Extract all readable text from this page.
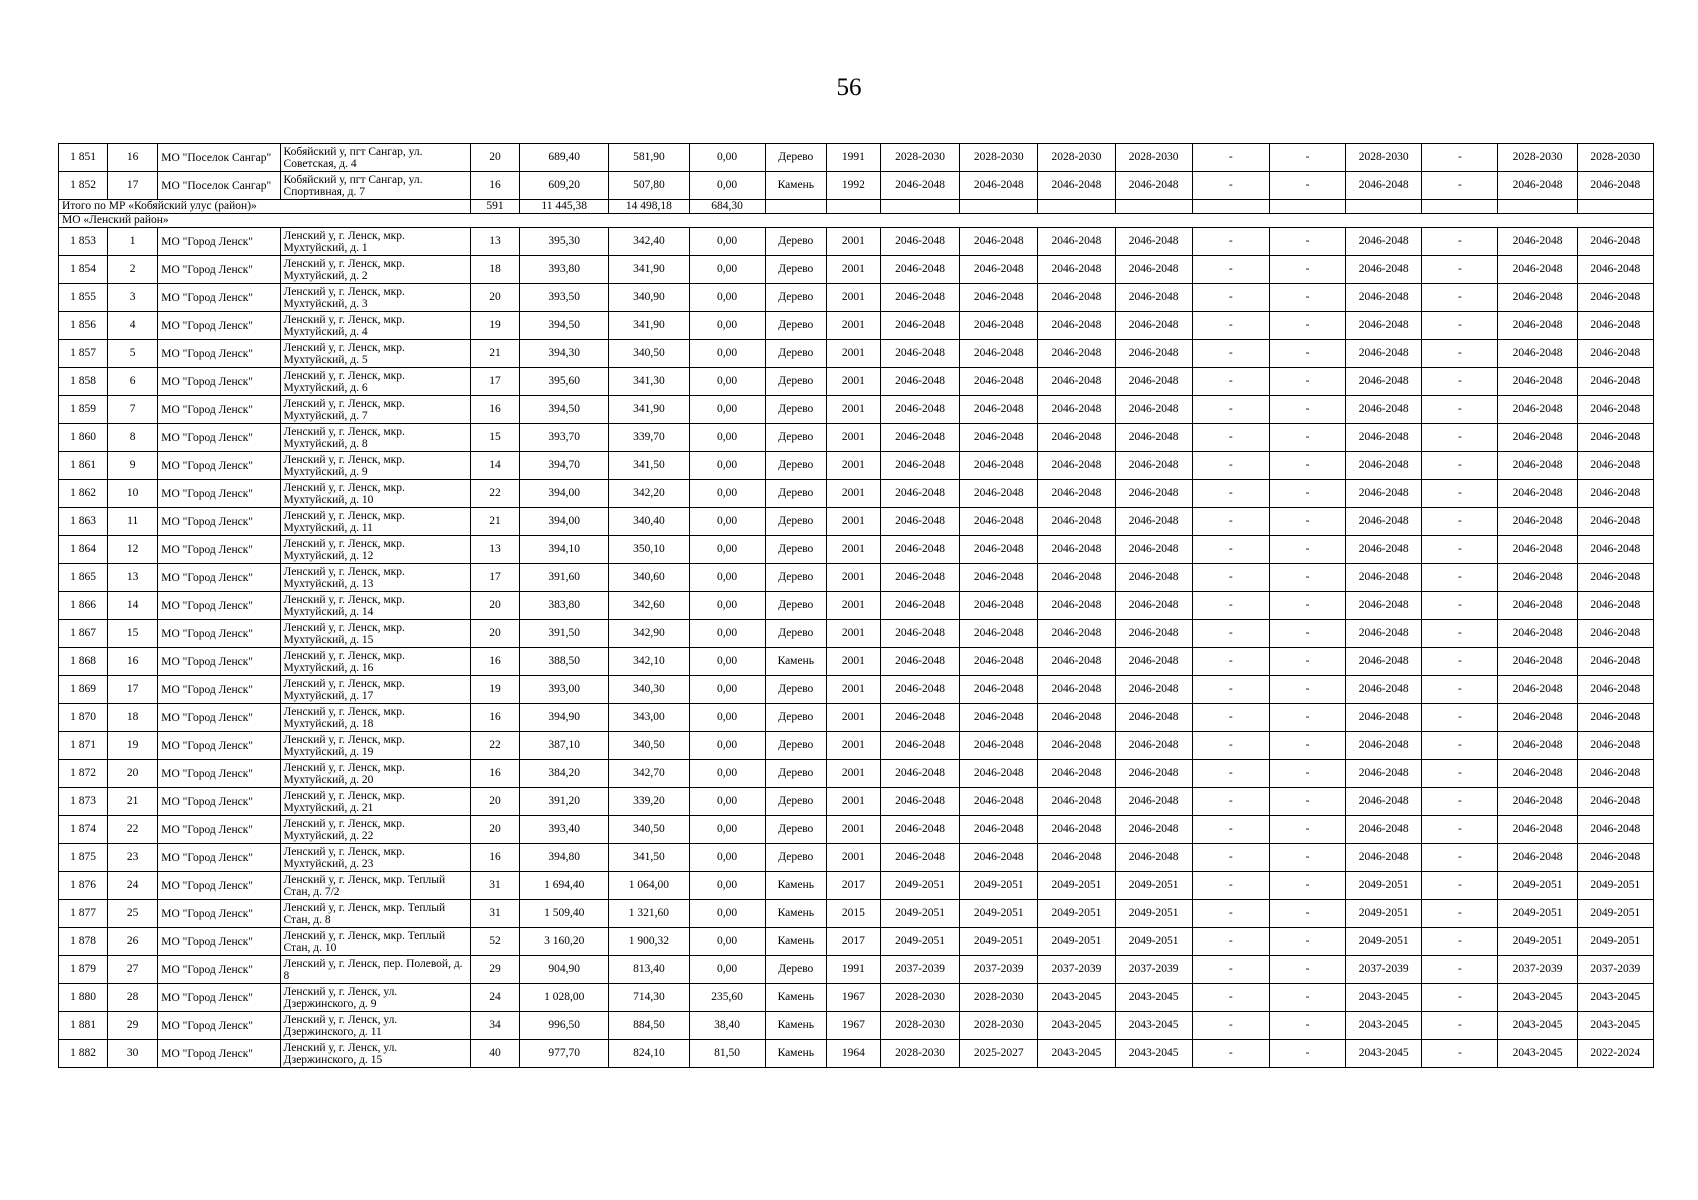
56
1 851	16	МО "Поселок Сангар"	Кобяйский у, пгт Сангар, ул. Советская, д. 4	20	689,40	581,90	0,00	Дерево	1991	2028-2030	2028-2030	2028-2030	2028-2030	-	-	2028-2030	-	2028-2030	2028-2030
1 852	17	МО "Поселок Сангар"	Кобяйский у, пгт Сангар, ул. Спортивная, д. 7	16	609,20	507,80	0,00	Камень	1992	2046-2048	2046-2048	2046-2048	2046-2048	-	-	2046-2048	-	2046-2048	2046-2048
Итого по МР «Кобяйский улус (район)»				591	11 445,38	14 498,18	684,30												
МО «Ленский район»																			
1 853	1	МО "Город Ленск"	Ленский у, г. Ленск, мкр. Мухтуйский, д. 1	13	395,30	342,40	0,00	Дерево	2001	2046-2048	2046-2048	2046-2048	2046-2048	-	-	2046-2048	-	2046-2048	2046-2048
1 854	2	МО "Город Ленск"	Ленский у, г. Ленск, мкр. Мухтуйский, д. 2	18	393,80	341,90	0,00	Дерево	2001	2046-2048	2046-2048	2046-2048	2046-2048	-	-	2046-2048	-	2046-2048	2046-2048
1 855	3	МО "Город Ленск"	Ленский у, г. Ленск, мкр. Мухтуйский, д. 3	20	393,50	340,90	0,00	Дерево	2001	2046-2048	2046-2048	2046-2048	2046-2048	-	-	2046-2048	-	2046-2048	2046-2048
1 856	4	МО "Город Ленск"	Ленский у, г. Ленск, мкр. Мухтуйский, д. 4	19	394,50	341,90	0,00	Дерево	2001	2046-2048	2046-2048	2046-2048	2046-2048	-	-	2046-2048	-	2046-2048	2046-2048
1 857	5	МО "Город Ленск"	Ленский у, г. Ленск, мкр. Мухтуйский, д. 5	21	394,30	340,50	0,00	Дерево	2001	2046-2048	2046-2048	2046-2048	2046-2048	-	-	2046-2048	-	2046-2048	2046-2048
1 858	6	МО "Город Ленск"	Ленский у, г. Ленск, мкр. Мухтуйский, д. 6	17	395,60	341,30	0,00	Дерево	2001	2046-2048	2046-2048	2046-2048	2046-2048	-	-	2046-2048	-	2046-2048	2046-2048
1 859	7	МО "Город Ленск"	Ленский у, г. Ленск, мкр. Мухтуйский, д. 7	16	394,50	341,90	0,00	Дерево	2001	2046-2048	2046-2048	2046-2048	2046-2048	-	-	2046-2048	-	2046-2048	2046-2048
1 860	8	МО "Город Ленск"	Ленский у, г. Ленск, мкр. Мухтуйский, д. 8	15	393,70	339,70	0,00	Дерево	2001	2046-2048	2046-2048	2046-2048	2046-2048	-	-	2046-2048	-	2046-2048	2046-2048
1 861	9	МО "Город Ленск"	Ленский у, г. Ленск, мкр. Мухтуйский, д. 9	14	394,70	341,50	0,00	Дерево	2001	2046-2048	2046-2048	2046-2048	2046-2048	-	-	2046-2048	-	2046-2048	2046-2048
1 862	10	МО "Город Ленск"	Ленский у, г. Ленск, мкр. Мухтуйский, д. 10	22	394,00	342,20	0,00	Дерево	2001	2046-2048	2046-2048	2046-2048	2046-2048	-	-	2046-2048	-	2046-2048	2046-2048
1 863	11	МО "Город Ленск"	Ленский у, г. Ленск, мкр. Мухтуйский, д. 11	21	394,00	340,40	0,00	Дерево	2001	2046-2048	2046-2048	2046-2048	2046-2048	-	-	2046-2048	-	2046-2048	2046-2048
1 864	12	МО "Город Ленск"	Ленский у, г. Ленск, мкр. Мухтуйский, д. 12	13	394,10	350,10	0,00	Дерево	2001	2046-2048	2046-2048	2046-2048	2046-2048	-	-	2046-2048	-	2046-2048	2046-2048
1 865	13	МО "Город Ленск"	Ленский у, г. Ленск, мкр. Мухтуйский, д. 13	17	391,60	340,60	0,00	Дерево	2001	2046-2048	2046-2048	2046-2048	2046-2048	-	-	2046-2048	-	2046-2048	2046-2048
1 866	14	МО "Город Ленск"	Ленский у, г. Ленск, мкр. Мухтуйский, д. 14	20	383,80	342,60	0,00	Дерево	2001	2046-2048	2046-2048	2046-2048	2046-2048	-	-	2046-2048	-	2046-2048	2046-2048
1 867	15	МО "Город Ленск"	Ленский у, г. Ленск, мкр. Мухтуйский, д. 15	20	391,50	342,90	0,00	Дерево	2001	2046-2048	2046-2048	2046-2048	2046-2048	-	-	2046-2048	-	2046-2048	2046-2048
1 868	16	МО "Город Ленск"	Ленский у, г. Ленск, мкр. Мухтуйский, д. 16	16	388,50	342,10	0,00	Камень	2001	2046-2048	2046-2048	2046-2048	2046-2048	-	-	2046-2048	-	2046-2048	2046-2048
1 869	17	МО "Город Ленск"	Ленский у, г. Ленск, мкр. Мухтуйский, д. 17	19	393,00	340,30	0,00	Дерево	2001	2046-2048	2046-2048	2046-2048	2046-2048	-	-	2046-2048	-	2046-2048	2046-2048
1 870	18	МО "Город Ленск"	Ленский у, г. Ленск, мкр. Мухтуйский, д. 18	16	394,90	343,00	0,00	Дерево	2001	2046-2048	2046-2048	2046-2048	2046-2048	-	-	2046-2048	-	2046-2048	2046-2048
1 871	19	МО "Город Ленск"	Ленский у, г. Ленск, мкр. Мухтуйский, д. 19	22	387,10	340,50	0,00	Дерево	2001	2046-2048	2046-2048	2046-2048	2046-2048	-	-	2046-2048	-	2046-2048	2046-2048
1 872	20	МО "Город Ленск"	Ленский у, г. Ленск, мкр. Мухтуйский, д. 20	16	384,20	342,70	0,00	Дерево	2001	2046-2048	2046-2048	2046-2048	2046-2048	-	-	2046-2048	-	2046-2048	2046-2048
1 873	21	МО "Город Ленск"	Ленский у, г. Ленск, мкр. Мухтуйский, д. 21	20	391,20	339,20	0,00	Дерево	2001	2046-2048	2046-2048	2046-2048	2046-2048	-	-	2046-2048	-	2046-2048	2046-2048
1 874	22	МО "Город Ленск"	Ленский у, г. Ленск, мкр. Мухтуйский, д. 22	20	393,40	340,50	0,00	Дерево	2001	2046-2048	2046-2048	2046-2048	2046-2048	-	-	2046-2048	-	2046-2048	2046-2048
1 875	23	МО "Город Ленск"	Ленский у, г. Ленск, мкр. Мухтуйский, д. 23	16	394,80	341,50	0,00	Дерево	2001	2046-2048	2046-2048	2046-2048	2046-2048	-	-	2046-2048	-	2046-2048	2046-2048
1 876	24	МО "Город Ленск"	Ленский у, г. Ленск, мкр. Теплый Стан, д. 7/2	31	1 694,40	1 064,00	0,00	Камень	2017	2049-2051	2049-2051	2049-2051	2049-2051	-	-	2049-2051	-	2049-2051	2049-2051
1 877	25	МО "Город Ленск"	Ленский у, г. Ленск, мкр. Теплый Стан, д. 8	31	1 509,40	1 321,60	0,00	Камень	2015	2049-2051	2049-2051	2049-2051	2049-2051	-	-	2049-2051	-	2049-2051	2049-2051
1 878	26	МО "Город Ленск"	Ленский у, г. Ленск, мкр. Теплый Стан, д. 10	52	3 160,20	1 900,32	0,00	Камень	2017	2049-2051	2049-2051	2049-2051	2049-2051	-	-	2049-2051	-	2049-2051	2049-2051
1 879	27	МО "Город Ленск"	Ленский у, г. Ленск, пер. Полевой, д. 8	29	904,90	813,40	0,00	Дерево	1991	2037-2039	2037-2039	2037-2039	2037-2039	-	-	2037-2039	-	2037-2039	2037-2039
1 880	28	МО "Город Ленск"	Ленский у, г. Ленск, ул. Дзержинского, д. 9	24	1 028,00	714,30	235,60	Камень	1967	2028-2030	2028-2030	2043-2045	2043-2045	-	-	2043-2045	-	2043-2045	2043-2045
1 881	29	МО "Город Ленск"	Ленский у, г. Ленск, ул. Дзержинского, д. 11	34	996,50	884,50	38,40	Камень	1967	2028-2030	2028-2030	2043-2045	2043-2045	-	-	2043-2045	-	2043-2045	2043-2045
1 882	30	МО "Город Ленск"	Ленский у, г. Ленск, ул. Дзержинского, д. 15	40	977,70	824,10	81,50	Камень	1964	2028-2030	2025-2027	2043-2045	2043-2045	-	-	2043-2045	-	2043-2045	2022-2024
